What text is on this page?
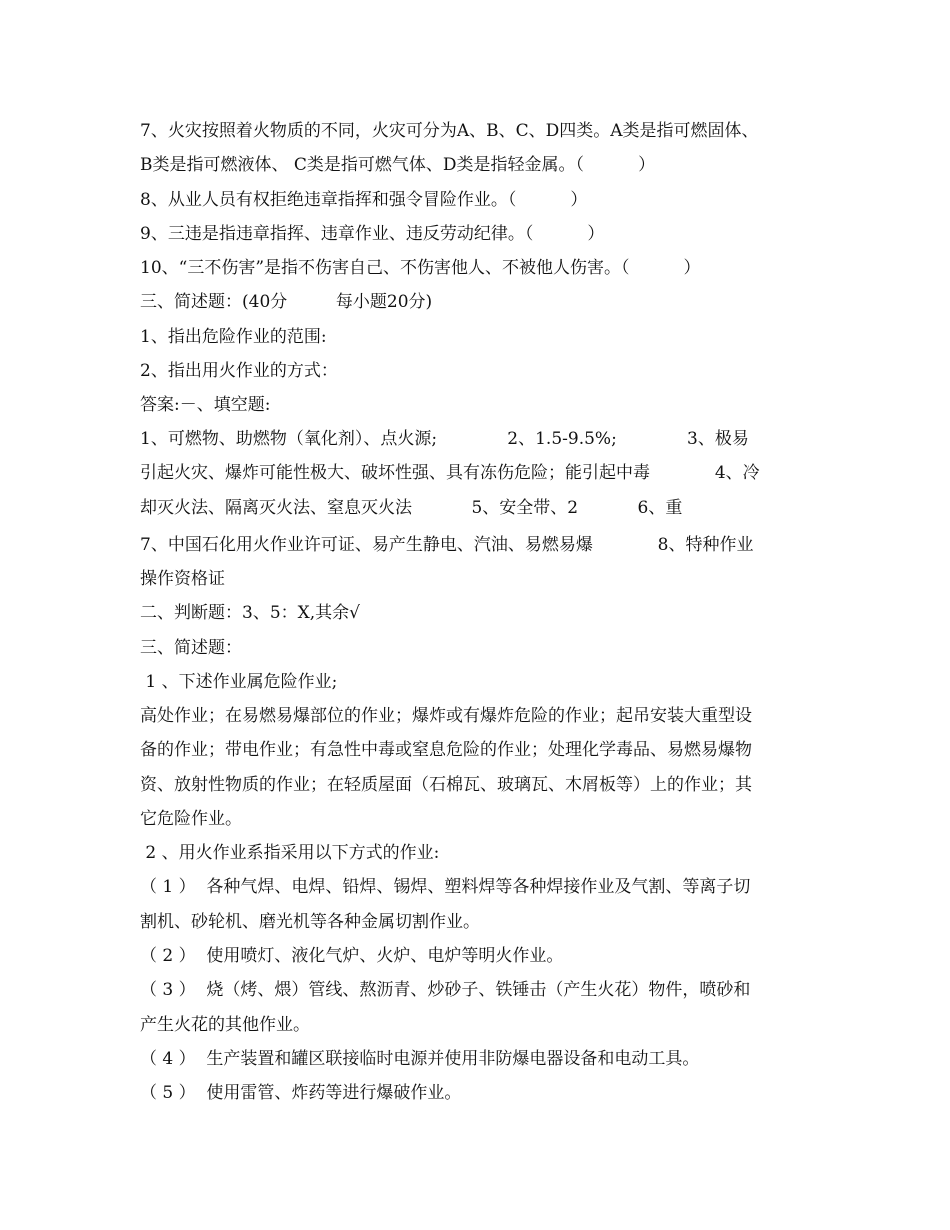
7、火灾按照着火物质的不同，火灾可分为A、B、C、D四类。A类是指可燃固体、
B类是指可燃液体、 C类是指可燃气体、D类是指轻金属。（          ）
8、从业人员有权拒绝违章指挥和强令冒险作业。（          ）
9、三违是指违章指挥、违章作业、违反劳动纪律。（          ）
10、“三不伤害”是指不伤害自己、不伤害他人、不被他人伤害。（          ）
三、简述题：(40分         每小题20分)
1、指出危险作业的范围:
2、指出用火作业的方式：
答案:－、填空题:
1、可燃物、助燃物（氧化剂）、点火源;             2、1.5-9.5%;             3、极易
引起火灾、爆炸可能性极大、破坏性强、具有冻伤危险；能引起中毒            4、冷
却灭火法、隔离灭火法、窒息灭火法           5、安全带、2           6、重
7、中国石化用火作业许可证、易产生静电、汽油、易燃易爆            8、特种作业
操作资格证
二、判断题：3、5：X,其余√
三、简述题：
1 、下述作业属危险作业;
高处作业；在易燃易爆部位的作业；爆炸或有爆炸危险的作业；起吊安装大重型设
备的作业；带电作业；有急性中毒或窒息危险的作业；处理化学毒品、易燃易爆物
资、放射性物质的作业；在轻质屋面（石棉瓦、玻璃瓦、木屑板等）上的作业；其
它危险作业。
2 、用火作业系指采用以下方式的作业:
（ 1 ）  各种气焊、电焊、铅焊、锡焊、塑料焊等各种焊接作业及气割、等离子切
割机、砂轮机、磨光机等各种金属切割作业。
（ 2 ）  使用喷灯、液化气炉、火炉、电炉等明火作业。
（ 3 ）  烧（烤、煨）管线、熬沥青、炒砂子、铁锤击（产生火花）物件，喷砂和
产生火花的其他作业。
（ 4 ）  生产装置和罐区联接临时电源并使用非防爆电器设备和电动工具。
（ 5 ）  使用雷管、炸药等进行爆破作业。
